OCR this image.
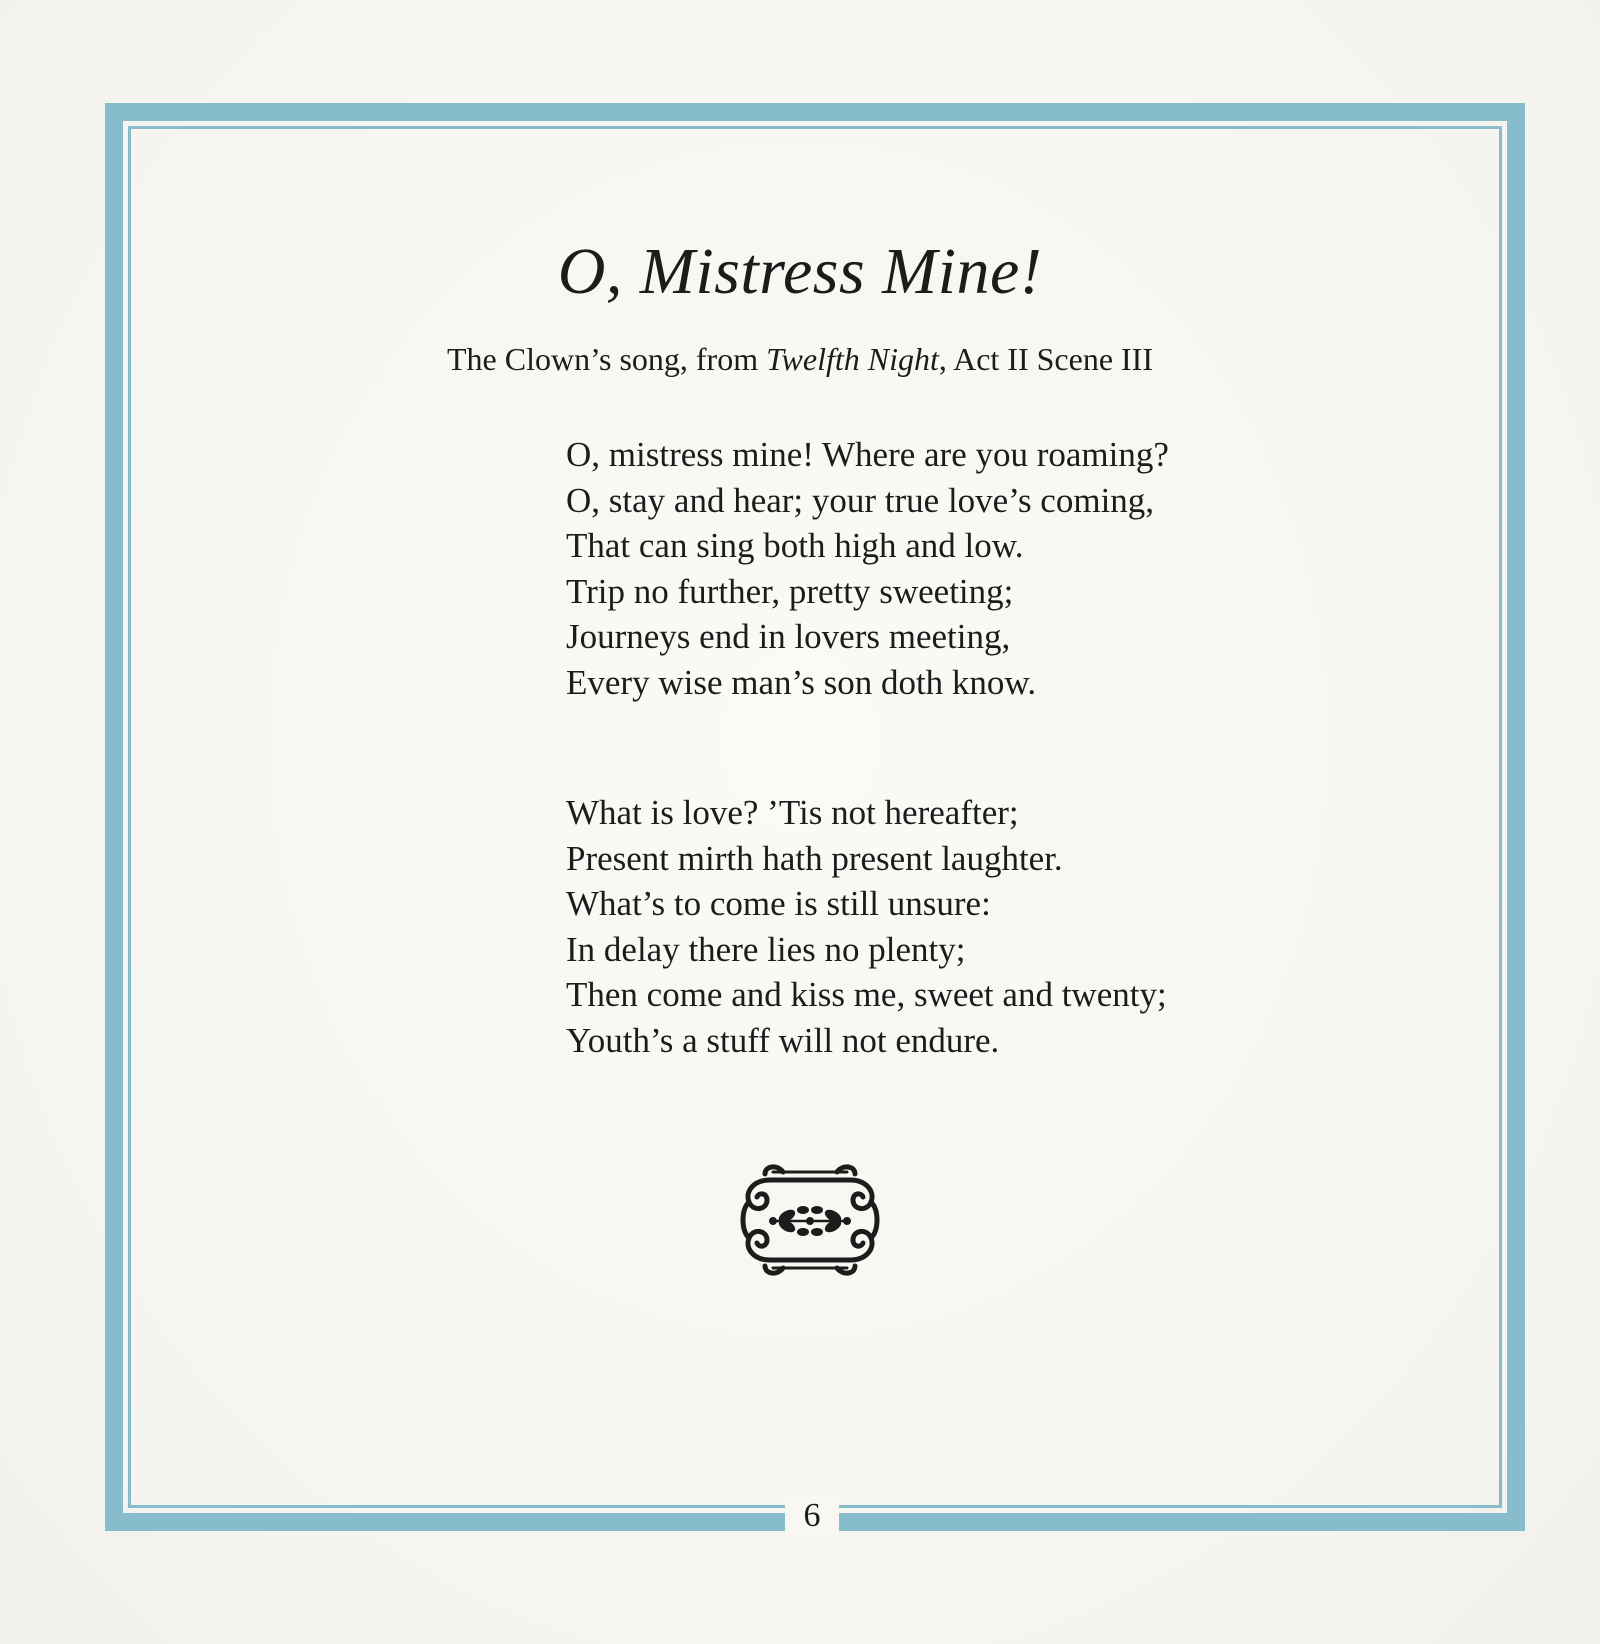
O, Mistress Mine!
The Clown’s song, from Twelfth Night, Act II Scene III
O, mistress mine! Where are you roaming?
O, stay and hear; your true love’s coming,
That can sing both high and low.
Trip no further, pretty sweeting;
Journeys end in lovers meeting,
Every wise man’s son doth know.
What is love? ’Tis not hereafter;
Present mirth hath present laughter.
What’s to come is still unsure:
In delay there lies no plenty;
Then come and kiss me, sweet and twenty;
Youth’s a stuff will not endure.
6
